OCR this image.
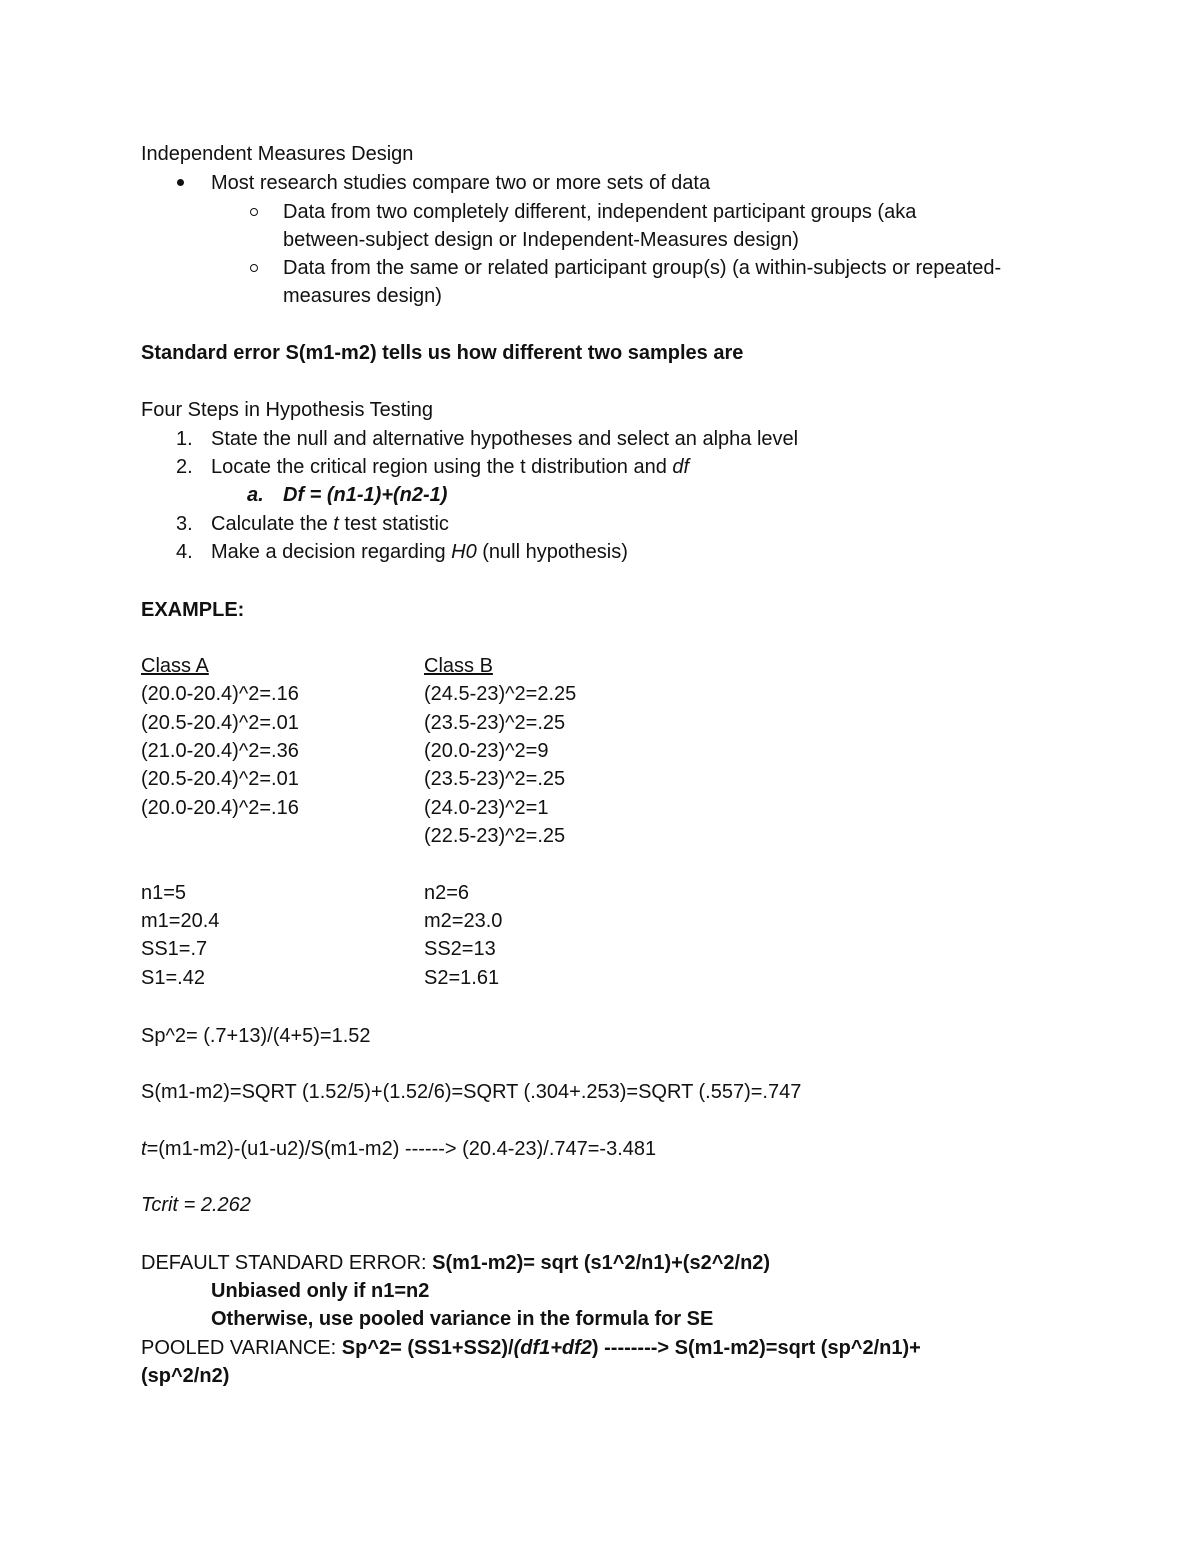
Independent Measures Design
Most research studies compare two or more sets of data
Data from two completely different, independent participant groups (aka
between-subject design or Independent-Measures design)
Data from the same or related participant group(s) (a within-subjects or repeated-
measures design)
Standard error S(m1-m2) tells us how different two samples are
Four Steps in Hypothesis Testing
1. State the null and alternative hypotheses and select an alpha level
2. Locate the critical region using the t distribution and df
a. Df = (n1-1)+(n2-1)
3. Calculate the t test statistic
4. Make a decision regarding H0 (null hypothesis)
EXAMPLE:
Class A
(20.0-20.4)^2=.16
(20.5-20.4)^2=.01
(21.0-20.4)^2=.36
(20.5-20.4)^2=.01
(20.0-20.4)^2=.16
Class B
(24.5-23)^2=2.25
(23.5-23)^2=.25
(20.0-23)^2=9
(23.5-23)^2=.25
(24.0-23)^2=1
(22.5-23)^2=.25
n1=5
m1=20.4
SS1=.7
S1=.42
n2=6
m2=23.0
SS2=13
S2=1.61
Sp^2= (.7+13)/(4+5)=1.52
S(m1-m2)=SQRT (1.52/5)+(1.52/6)=SQRT (.304+.253)=SQRT (.557)=.747
t=(m1-m2)-(u1-u2)/S(m1-m2) ------> (20.4-23)/.747=-3.481
Tcrit = 2.262
DEFAULT STANDARD ERROR: S(m1-m2)= sqrt (s1^2/n1)+(s2^2/n2)
Unbiased only if n1=n2
Otherwise, use pooled variance in the formula for SE
POOLED VARIANCE: Sp^2= (SS1+SS2)/(df1+df2) --------> S(m1-m2)=sqrt (sp^2/n1)+
(sp^2/n2)
